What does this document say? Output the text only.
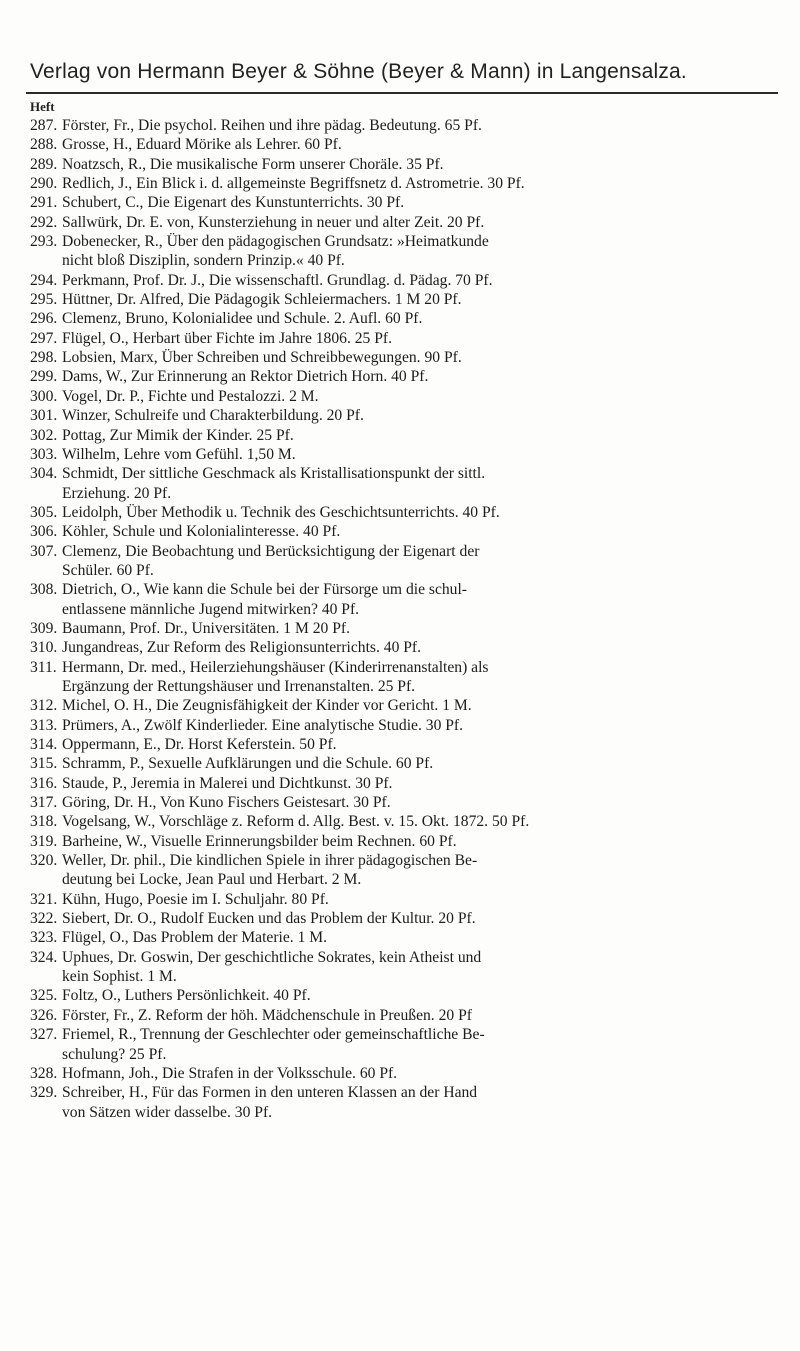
Verlag von Hermann Beyer & Söhne (Beyer & Mann) in Langensalza.
Heft
287. Förster, Fr., Die psychol. Reihen und ihre pädag. Bedeutung. 65 Pf.
288. Grosse, H., Eduard Mörike als Lehrer. 60 Pf.
289. Noatzsch, R., Die musikalische Form unserer Choräle. 35 Pf.
290. Redlich, J., Ein Blick i. d. allgemeinste Begriffsnetz d. Astrometrie. 30 Pf.
291. Schubert, C., Die Eigenart des Kunstunterrichts. 30 Pf.
292. Sallwürk, Dr. E. von, Kunsterziehung in neuer und alter Zeit. 20 Pf.
293. Dobenecker, R., Über den pädagogischen Grundsatz: »Heimatkunde
nicht bloß Disziplin, sondern Prinzip.« 40 Pf.
294. Perkmann, Prof. Dr. J., Die wissenschaftl. Grundlag. d. Pädag. 70 Pf.
295. Hüttner, Dr. Alfred, Die Pädagogik Schleiermachers. 1 M 20 Pf.
296. Clemenz, Bruno, Kolonialidee und Schule. 2. Aufl. 60 Pf.
297. Flügel, O., Herbart über Fichte im Jahre 1806. 25 Pf.
298. Lobsien, Marx, Über Schreiben und Schreibbewegungen. 90 Pf.
299. Dams, W., Zur Erinnerung an Rektor Dietrich Horn. 40 Pf.
300. Vogel, Dr. P., Fichte und Pestalozzi. 2 M.
301. Winzer, Schulreife und Charakterbildung. 20 Pf.
302. Pottag, Zur Mimik der Kinder. 25 Pf.
303. Wilhelm, Lehre vom Gefühl. 1,50 M.
304. Schmidt, Der sittliche Geschmack als Kristallisationspunkt der sittl.
Erziehung. 20 Pf.
305. Leidolph, Über Methodik u. Technik des Geschichtsunterrichts. 40 Pf.
306. Köhler, Schule und Kolonialinteresse. 40 Pf.
307. Clemenz, Die Beobachtung und Berücksichtigung der Eigenart der
Schüler. 60 Pf.
308. Dietrich, O., Wie kann die Schule bei der Fürsorge um die schul-
entlassene männliche Jugend mitwirken? 40 Pf.
309. Baumann, Prof. Dr., Universitäten. 1 M 20 Pf.
310. Jungandreas, Zur Reform des Religionsunterrichts. 40 Pf.
311. Hermann, Dr. med., Heilerziehungshäuser (Kinderirrenanstalten) als
Ergänzung der Rettungshäuser und Irrenanstalten. 25 Pf.
312. Michel, O. H., Die Zeugnisfähigkeit der Kinder vor Gericht. 1 M.
313. Prümers, A., Zwölf Kinderlieder. Eine analytische Studie. 30 Pf.
314. Oppermann, E., Dr. Horst Keferstein. 50 Pf.
315. Schramm, P., Sexuelle Aufklärungen und die Schule. 60 Pf.
316. Staude, P., Jeremia in Malerei und Dichtkunst. 30 Pf.
317. Göring, Dr. H., Von Kuno Fischers Geistesart. 30 Pf.
318. Vogelsang, W., Vorschläge z. Reform d. Allg. Best. v. 15. Okt. 1872. 50 Pf.
319. Barheine, W., Visuelle Erinnerungsbilder beim Rechnen. 60 Pf.
320. Weller, Dr. phil., Die kindlichen Spiele in ihrer pädagogischen Be-
deutung bei Locke, Jean Paul und Herbart. 2 M.
321. Kühn, Hugo, Poesie im I. Schuljahr. 80 Pf.
322. Siebert, Dr. O., Rudolf Eucken und das Problem der Kultur. 20 Pf.
323. Flügel, O., Das Problem der Materie. 1 M.
324. Uphues, Dr. Goswin, Der geschichtliche Sokrates, kein Atheist und
kein Sophist. 1 M.
325. Foltz, O., Luthers Persönlichkeit. 40 Pf.
326. Förster, Fr., Z. Reform der höh. Mädchenschule in Preußen. 20 Pf
327. Friemel, R., Trennung der Geschlechter oder gemeinschaftliche Be-
schulung? 25 Pf.
328. Hofmann, Joh., Die Strafen in der Volksschule. 60 Pf.
329. Schreiber, H., Für das Formen in den unteren Klassen an der Hand
von Sätzen wider dasselbe. 30 Pf.
